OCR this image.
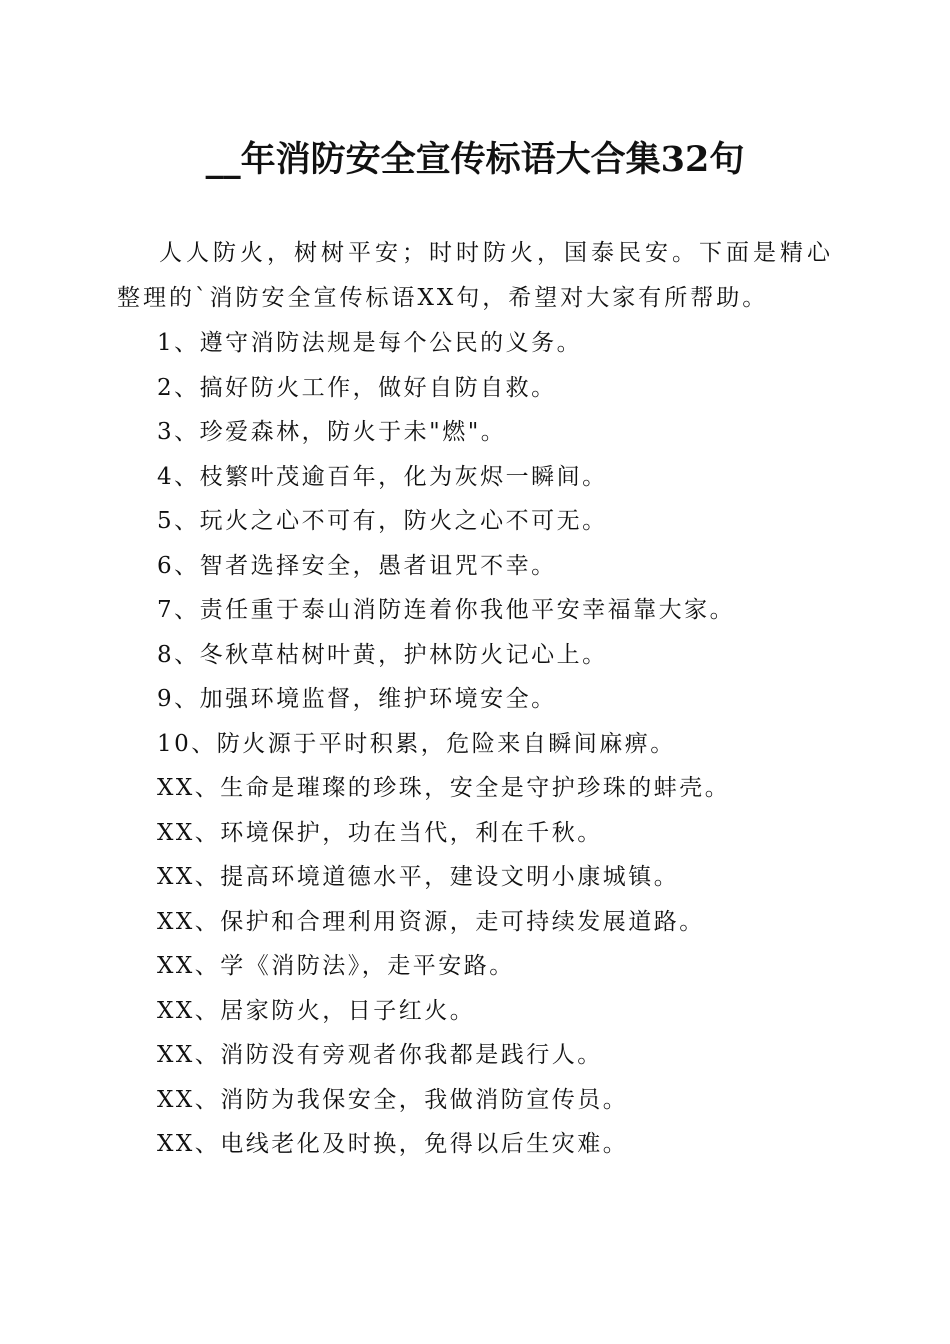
__年消防安全宣传标语大合集32句

人人防火，树树平安；时时防火，国泰民安。下面是精心整理的`消防安全宣传标语XX句，希望对大家有所帮助。

1、遵守消防法规是每个公民的义务。
2、搞好防火工作，做好自防自救。
3、珍爱森林，防火于未"燃"。
4、枝繁叶茂逾百年，化为灰烬一瞬间。
5、玩火之心不可有，防火之心不可无。
6、智者选择安全，愚者诅咒不幸。
7、责任重于泰山消防连着你我他平安幸福靠大家。
8、冬秋草枯树叶黄，护林防火记心上。
9、加强环境监督，维护环境安全。
10、防火源于平时积累，危险来自瞬间麻痹。
XX、生命是璀璨的珍珠，安全是守护珍珠的蚌壳。
XX、环境保护，功在当代，利在千秋。
XX、提高环境道德水平，建设文明小康城镇。
XX、保护和合理利用资源，走可持续发展道路。
XX、学《消防法》，走平安路。
XX、居家防火，日子红火。
XX、消防没有旁观者你我都是践行人。
XX、消防为我保安全，我做消防宣传员。
XX、电线老化及时换，免得以后生灾难。
